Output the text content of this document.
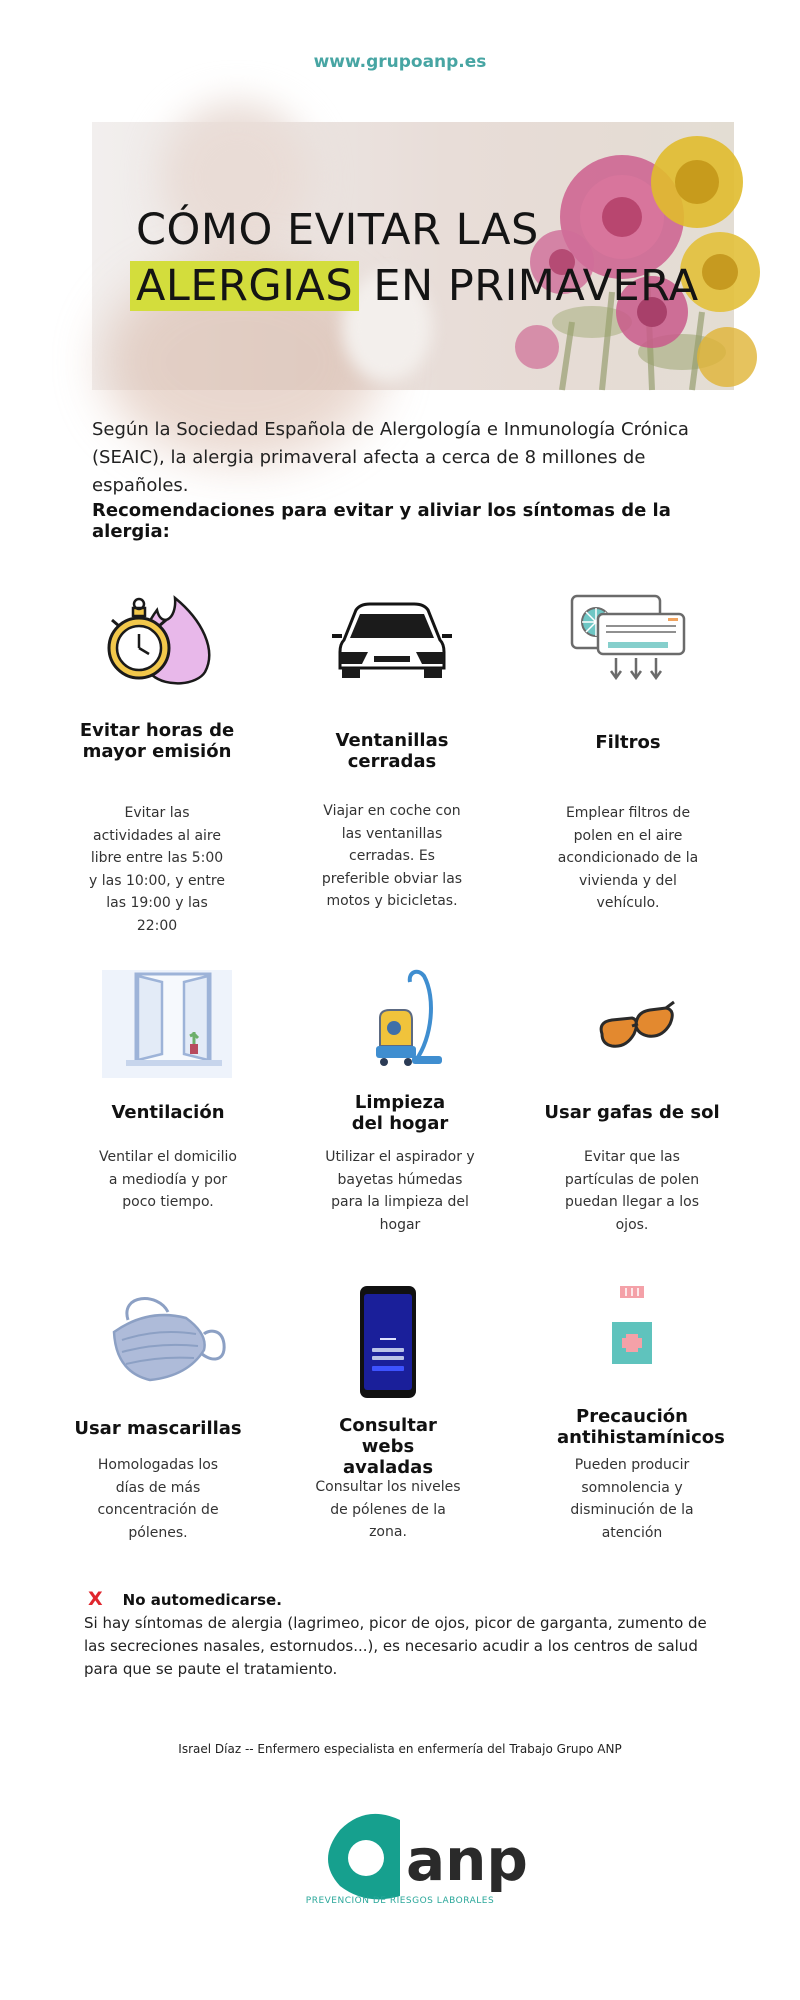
www.grupoanp.es
CÓMO EVITAR LAS
ALERGIAS EN PRIMAVERA

Según la Sociedad Española de Alergología e Inmunología Crónica (SEAIC), la alergia primaveral afecta a cerca de 8 millones de españoles.

Recomendaciones para evitar y aliviar los síntomas de la alergia:

Evitar horas de mayor emisión
Evitar las actividades al aire libre entre las 5:00 y las 10:00, y entre las 19:00 y las 22:00
Ventanillas cerradas
Viajar en coche con las ventanillas cerradas. Es preferible obviar las motos y bicicletas.
Filtros
Emplear filtros de polen en el aire acondicionado de la vivienda y del vehículo.
Ventilación
Ventilar el domicilio a mediodía y por poco tiempo.
Limpieza del hogar
Utilizar el aspirador y bayetas húmedas para la limpieza del hogar
Usar gafas de sol
Evitar que las partículas de polen puedan llegar a los ojos.
Usar mascarillas
Homologadas los días de más concentración de pólenes.
Consultar webs avaladas
Consultar los niveles de pólenes de la zona.
Precaución antihistamínicos
Pueden producir somnolencia y disminución de la atención
X No automedicarse.
Si hay síntomas de alergia (lagrimeo, picor de ojos, picor de garganta, zumento de las secreciones nasales, estornudos...), es necesario acudir a los centros de salud para que se paute el tratamiento.
Israel Díaz -- Enfermero especialista en enfermería del Trabajo Grupo ANP
anp
PREVENCIÓN DE RIESGOS LABORALES
